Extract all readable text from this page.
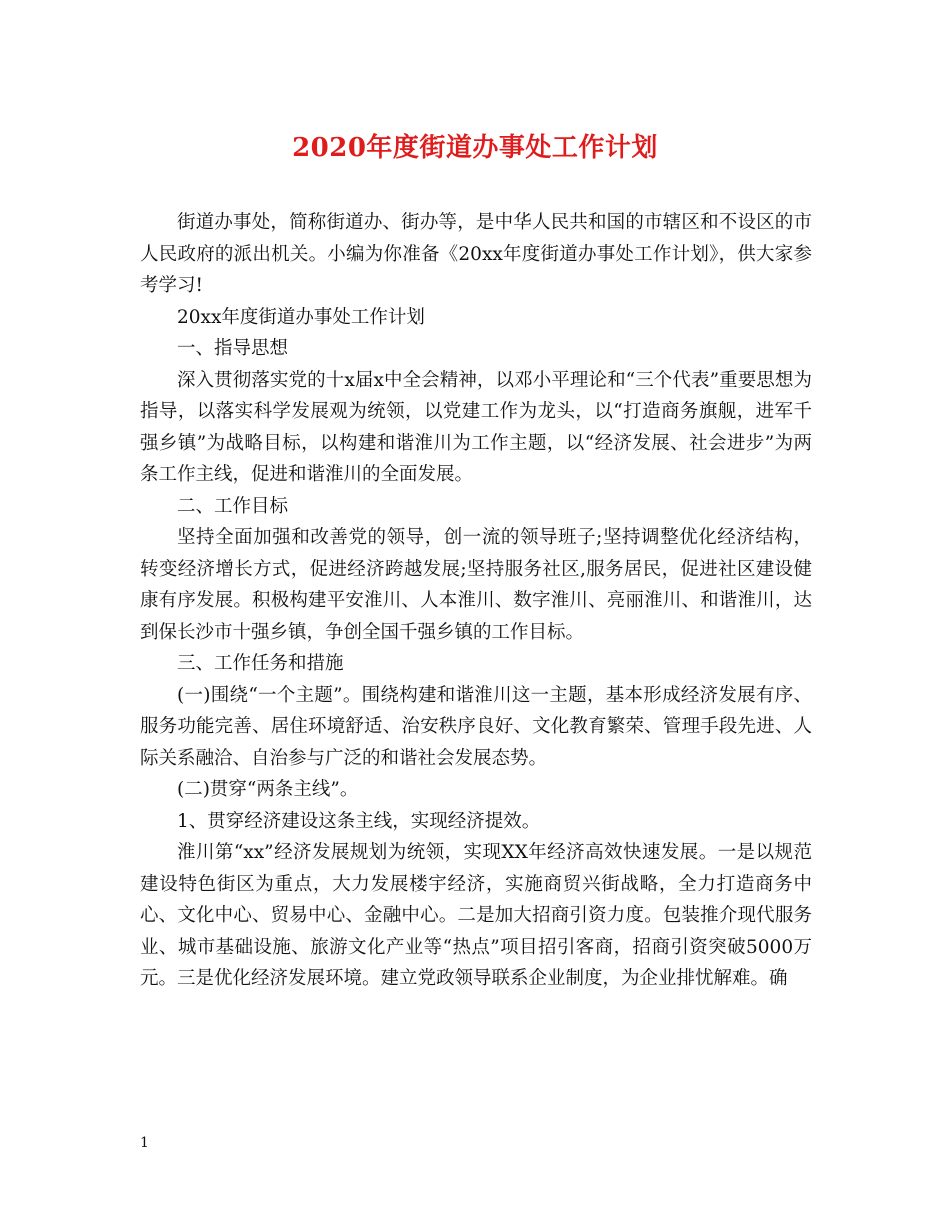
2020年度街道办事处工作计划

街道办事处，简称街道办、街办等，是中华人民共和国的市辖区和不设区的市人民政府的派出机关。小编为你准备《20xx年度街道办事处工作计划》，供大家参考学习!

20xx年度街道办事处工作计划

一、指导思想

深入贯彻落实党的十x届x中全会精神，以邓小平理论和“三个代表”重要思想为指导，以落实科学发展观为统领，以党建工作为龙头，以“打造商务旗舰，进军千强乡镇”为战略目标，以构建和谐淮川为工作主题，以“经济发展、社会进步”为两条工作主线，促进和谐淮川的全面发展。

二、工作目标

坚持全面加强和改善党的领导，创一流的领导班子;坚持调整优化经济结构，转变经济增长方式，促进经济跨越发展;坚持服务社区,服务居民，促进社区建设健康有序发展。积极构建平安淮川、人本淮川、数字淮川、亮丽淮川、和谐淮川，达到保长沙市十强乡镇，争创全国千强乡镇的工作目标。

三、工作任务和措施

(一)围绕“一个主题”。围绕构建和谐淮川这一主题，基本形成经济发展有序、服务功能完善、居住环境舒适、治安秩序良好、文化教育繁荣、管理手段先进、人际关系融洽、自治参与广泛的和谐社会发展态势。

(二)贯穿“两条主线”。

1、贯穿经济建设这条主线，实现经济提效。

淮川第“xx”经济发展规划为统领，实现XX年经济高效快速发展。一是以规范建设特色街区为重点，大力发展楼宇经济，实施商贸兴街战略，全力打造商务中心、文化中心、贸易中心、金融中心。二是加大招商引资力度。包装推介现代服务业、城市基础设施、旅游文化产业等“热点”项目招引客商，招商引资突破5000万元。三是优化经济发展环境。建立党政领导联系企业制度，为企业排忧解难。确

1
